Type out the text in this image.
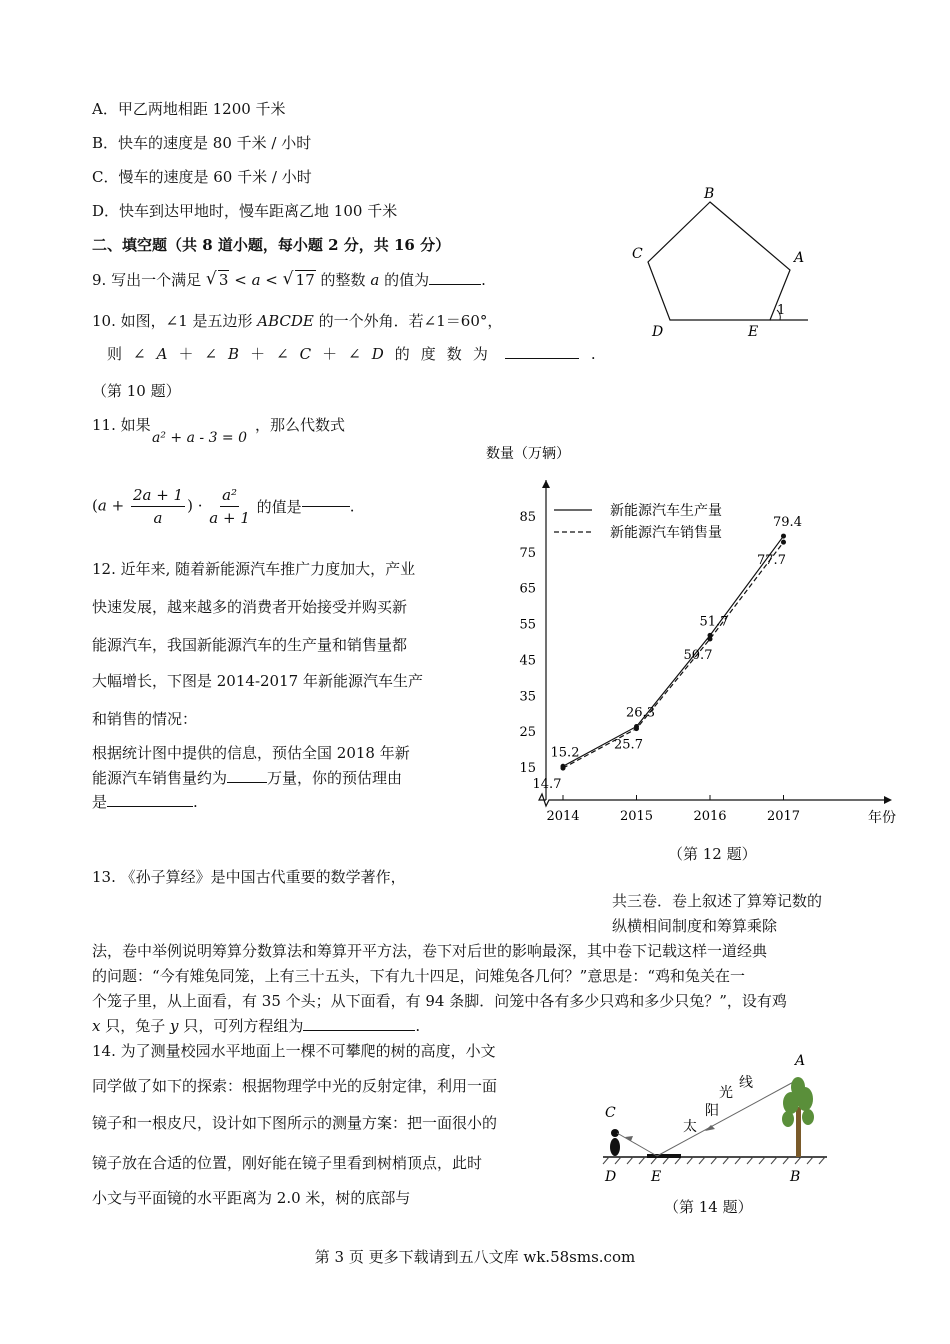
A．甲乙两地相距 1200 千米
B．快车的速度是 80 千米 / 小时
C．慢车的速度是 60 千米 / 小时
D．快车到达甲地时，慢车距离乙地 100 千米
二、填空题（共 8 道小题，每小题 2 分，共 16 分）
9. 写出一个满足 √ 3 < a < √ 17 的整数 a 的值为	.
10. 如图，∠1 是五边形 ABCDE 的一个外角．若∠1＝60°，
则 ∠ A ＋ ∠ B ＋ ∠ C ＋ ∠ D 的 度 数 为	.
（第 10 题）
B
A
C
D	E
1
11. 如果	，那么代数式
a² + a - 3 = 0
($a + \frac{2a + 1}{a}$ ) · $\frac{\text{a²}}{a + 1}$ 的值是	.
12. 近年来, 随着新能源汽车推广力度加大，产业
快速发展，越来越多的消费者开始接受并购买新
能源汽车，我国新能源汽车的生产量和销售量都
大幅增长，下图是 2014-2017 年新能源汽车生产
和销售的情况：
根据统计图中提供的信息，预估全国 2018 年新
能源汽车销售量约为	万量，你的预估理由
是	.
数量（万辆）
年份
15
25
35
45
55
65
75
85
2014	2015	2016	2017
15.2
26.3
51.7
79.4
14.7
25.7
50.7
77.7
新能源汽车生产量
新能源汽车销售量
（第 12 题）
13. 《孙子算经》是中国古代重要的数学著作，
共三卷．卷上叙述了算筹记数的
纵横相间制度和筹算乘除
法，卷中举例说明筹算分数算法和筹算开平方法，卷下对后世的影响最深，其中卷下记载这样一道经典
的问题：“今有雉兔同笼，上有三十五头，下有九十四足，问雉兔各几何？”意思是：“鸡和兔关在一
个笼子里，从上面看，有 35 个头；从下面看，有 94 条脚．问笼中各有多少只鸡和多少只兔？”，设有鸡
x 只，兔子 y 只，可列方程组为	.
14. 为了测量校园水平地面上一棵不可攀爬的树的高度，小文
同学做了如下的探索：根据物理学中光的反射定律，利用一面
镜子和一根皮尺，设计如下图所示的测量方案：把一面很小的
镜子放在合适的位置，刚好能在镜子里看到树梢顶点，此时
小文与平面镜的水平距离为 2.0 米，树的底部与
A
B
C
D E
太
阳
光
线
（第 14 题）
第 3 页 更多下载请到五八文库 wk.58sms.com
